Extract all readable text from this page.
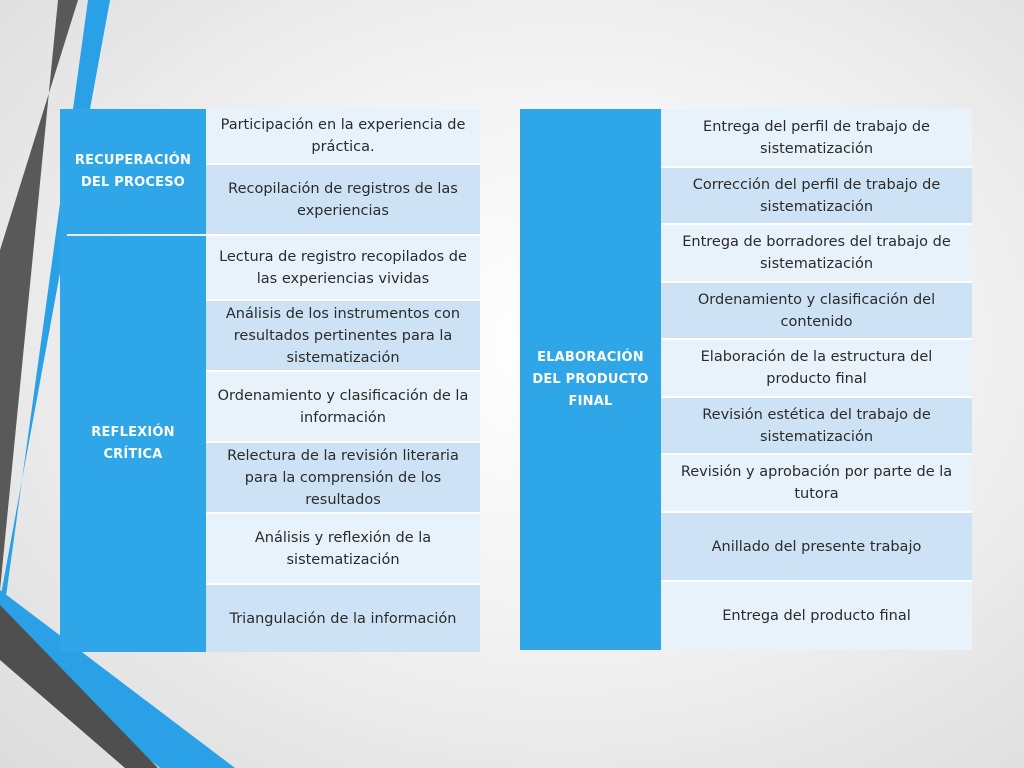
RECUPERACIÓN DEL PROCESO
REFLEXIÓN CRÍTICA
Participación en la experiencia de práctica.
Recopilación de registros de las experiencias
Lectura de registro recopilados de las experiencias vividas
Análisis de los instrumentos con resultados pertinentes para la sistematización
Ordenamiento y clasificación de la información
Relectura de la revisión literaria para la comprensión de los resultados
Análisis y reflexión de la sistematización
Triangulación de la información
ELABORACIÓN DEL PRODUCTO FINAL
Entrega del perfil de trabajo de sistematización
Corrección del perfil de trabajo de sistematización
Entrega de borradores del trabajo de sistematización
Ordenamiento y clasificación del contenido
Elaboración de la estructura del producto final
Revisión estética del trabajo de sistematización
Revisión y aprobación por parte de la tutora
Anillado del presente trabajo
Entrega del producto final
